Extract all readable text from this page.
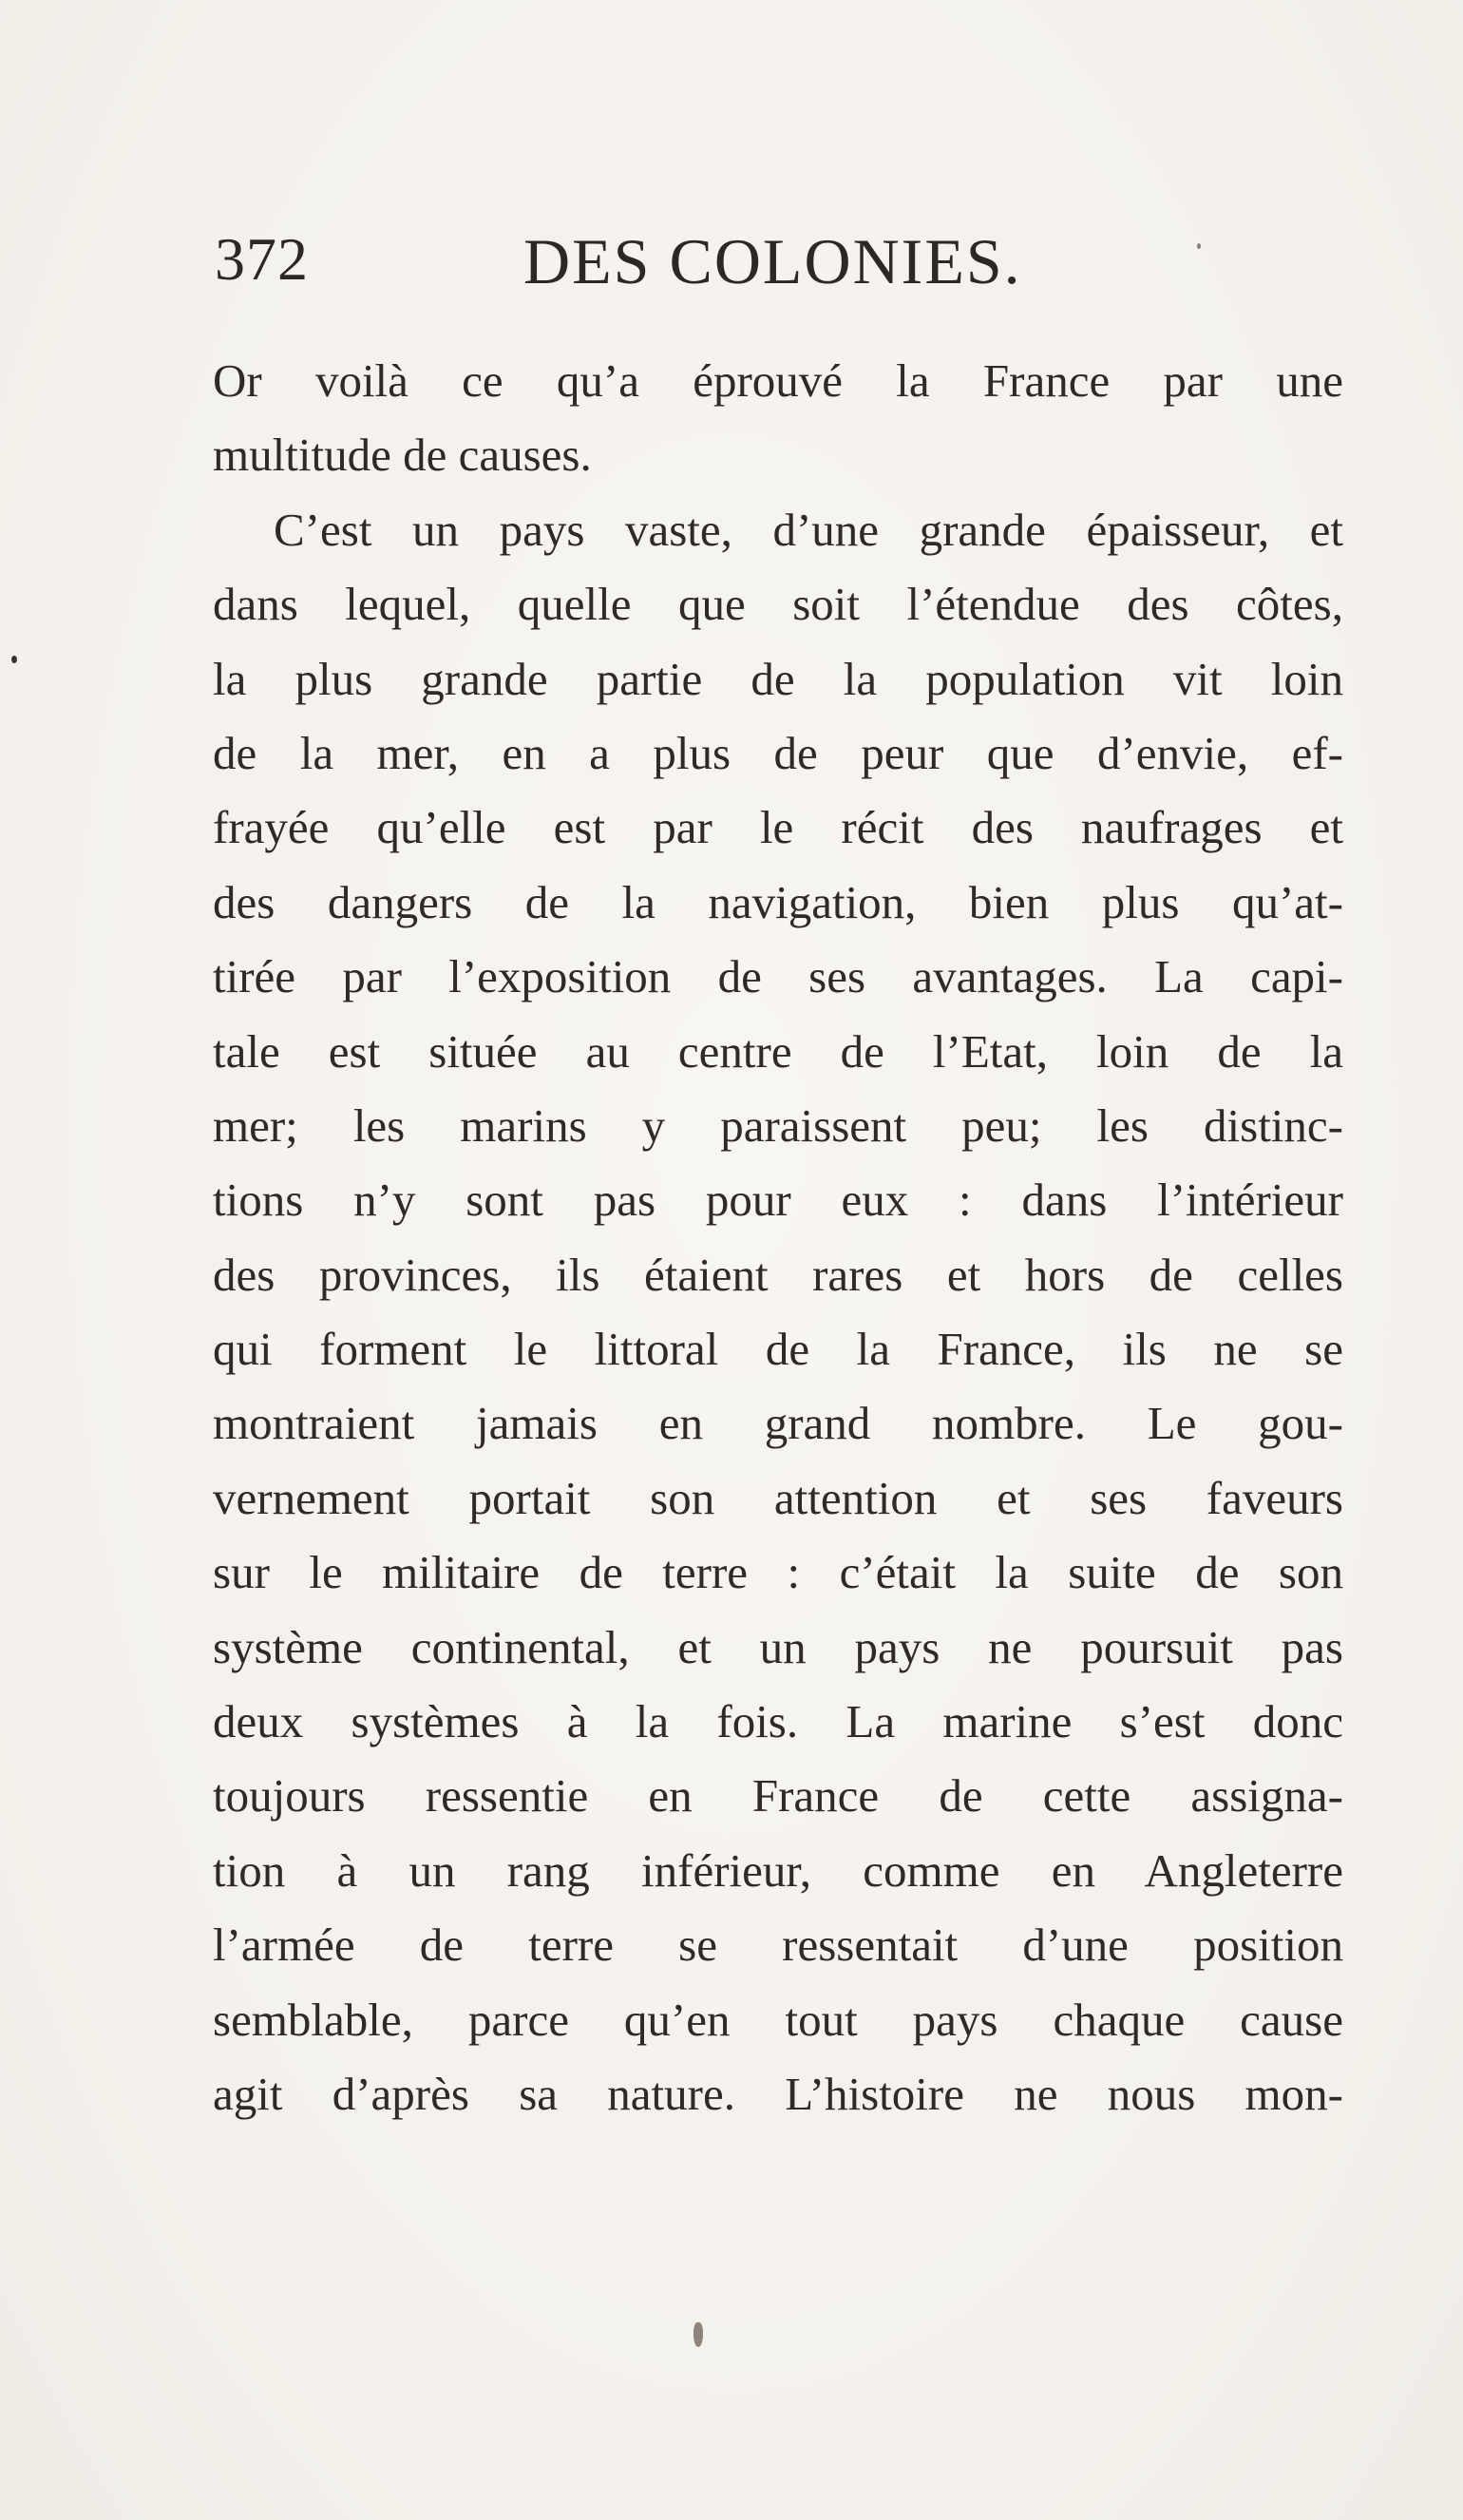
372	DES COLONIES.
Or voilà ce qu’a éprouvé la France par une
multitude de causes.
C’est un pays vaste, d’une grande épaisseur, et
dans lequel, quelle que soit l’étendue des côtes,
la plus grande partie de la population vit loin
de la mer, en a plus de peur que d’envie, ef-
frayée qu’elle est par le récit des naufrages et
des dangers de la navigation, bien plus qu’at-
tirée par l’exposition de ses avantages. La capi-
tale est située au centre de l’Etat, loin de la
mer; les marins y paraissent peu; les distinc-
tions n’y sont pas pour eux : dans l’intérieur
des provinces, ils étaient rares et hors de celles
qui forment le littoral de la France, ils ne se
montraient jamais en grand nombre. Le gou-
vernement portait son attention et ses faveurs
sur le militaire de terre : c’était la suite de son
système continental, et un pays ne poursuit pas
deux systèmes à la fois. La marine s’est donc
toujours ressentie en France de cette assigna-
tion à un rang inférieur, comme en Angleterre
l’armée de terre se ressentait d’une position
semblable, parce qu’en tout pays chaque cause
agit d’après sa nature. L’histoire ne nous mon-
